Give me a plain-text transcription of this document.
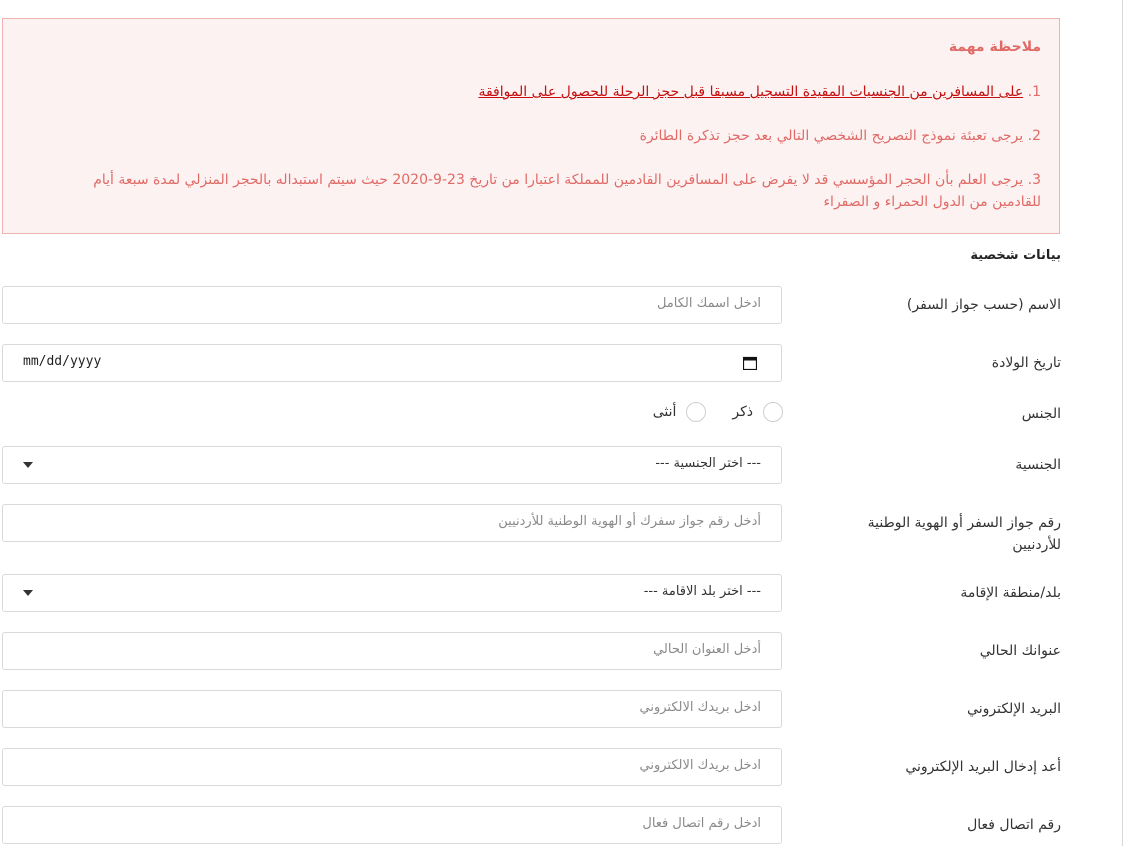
ملاحظة مهمة
1. على المسافرين من الجنسيات المقيدة التسجيل مسبقا قبل حجز الرحلة للحصول على الموافقة
2. يرجى تعبئة نموذج التصريح الشخصي التالي بعد حجز تذكرة الطائرة
3. يرجى العلم بأن الحجر المؤسسي قد لا يفرض على المسافرين القادمين للمملكة اعتبارا من تاريخ 23-9-2020 حيث سيتم استبداله بالحجر المنزلي لمدة سبعة أيام للقادمين من الدول الحمراء و الصفراء
بيانات شخصية
الاسم (حسب جواز السفر)
ادخل اسمك الكامل
تاريخ الولادة
mm/dd/yyyy
الجنس
ذكر
أنثى
الجنسية
--- اختر الجنسية ---
رقم جواز السفر أو الهوية الوطنية للأردنيين
أدخل رقم جواز سفرك أو الهوية الوطنية للأردنيين
بلد/منطقة الإقامة
--- اختر بلد الاقامة ---
عنوانك الحالي
أدخل العنوان الحالي
البريد الإلكتروني
ادخل بريدك الالكتروني
أعد إدخال البريد الإلكتروني
ادخل بريدك الالكتروني
رقم اتصال فعال
ادخل رقم اتصال فعال
